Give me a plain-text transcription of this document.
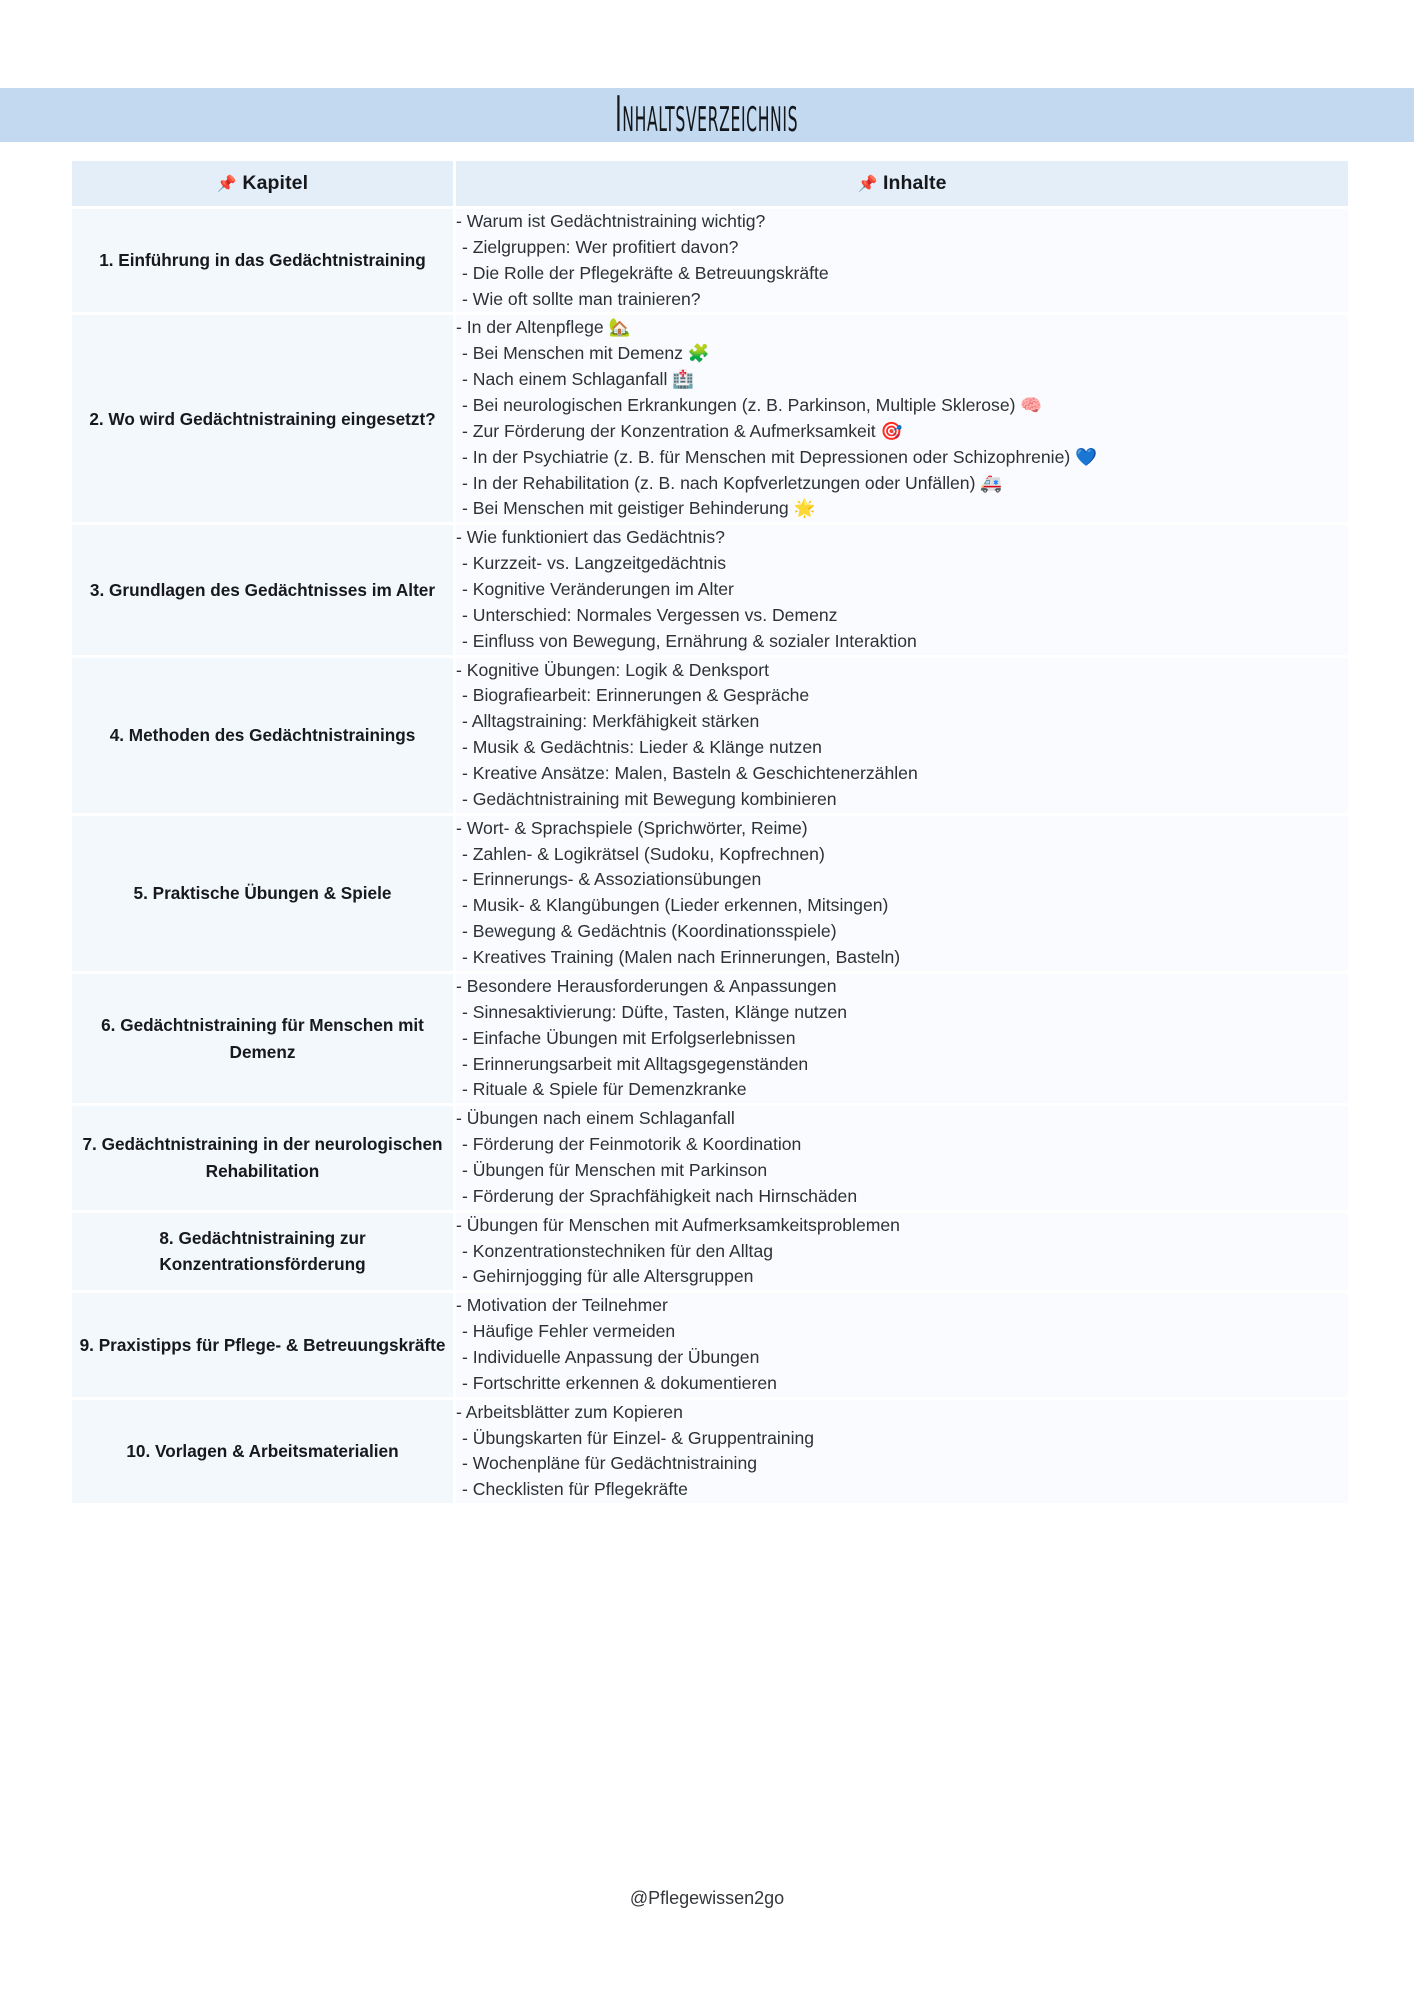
Inhaltsverzeichnis
📌 Kapitel	📌 Inhalte
1. Einführung in das Gedächtnistraining	- Warum ist Gedächtnistraining wichtig?
- Zielgruppen: Wer profitiert davon?
- Die Rolle der Pflegekräfte & Betreuungskräfte
- Wie oft sollte man trainieren?

2. Wo wird Gedächtnistraining eingesetzt?	
- In der Altenpflege 🏡
- Bei Menschen mit Demenz 🧩
- Nach einem Schlaganfall 🏥
- Bei neurologischen Erkrankungen (z. B. Parkinson, Multiple Sklerose) 🧠
- Zur Förderung der Konzentration & Aufmerksamkeit 🎯
- In der Psychiatrie (z. B. für Menschen mit Depressionen oder Schizophrenie) 💙
- In der Rehabilitation (z. B. nach Kopfverletzungen oder Unfällen) 🚑
- Bei Menschen mit geistiger Behinderung 🌟

3. Grundlagen des Gedächtnisses im Alter	- Wie funktioniert das Gedächtnis?
- Kurzzeit- vs. Langzeitgedächtnis
- Kognitive Veränderungen im Alter
- Unterschied: Normales Vergessen vs. Demenz
- Einfluss von Bewegung, Ernährung & sozialer Interaktion

4. Methoden des Gedächtnistrainings	
- Kognitive Übungen: Logik & Denksport
- Biografiearbeit: Erinnerungen & Gespräche
- Alltagstraining: Merkfähigkeit stärken
- Musik & Gedächtnis: Lieder & Klänge nutzen
- Kreative Ansätze: Malen, Basteln & Geschichtenerzählen
- Gedächtnistraining mit Bewegung kombinieren

5. Praktische Übungen & Spiele	
- Wort- & Sprachspiele (Sprichwörter, Reime)
- Zahlen- & Logikrätsel (Sudoku, Kopfrechnen)
- Erinnerungs- & Assoziationsübungen
- Musik- & Klangübungen (Lieder erkennen, Mitsingen)
- Bewegung & Gedächtnis (Koordinationsspiele)
- Kreatives Training (Malen nach Erinnerungen, Basteln)

6. Gedächtnistraining für Menschen mit Demenz	- Besondere Herausforderungen & Anpassungen
- Sinnesaktivierung: Düfte, Tasten, Klänge nutzen
- Einfache Übungen mit Erfolgserlebnissen
- Erinnerungsarbeit mit Alltagsgegenständen
- Rituale & Spiele für Demenzkranke

7. Gedächtnistraining in der neurologischen Rehabilitation	- Übungen nach einem Schlaganfall
- Förderung der Feinmotorik & Koordination
- Übungen für Menschen mit Parkinson
- Förderung der Sprachfähigkeit nach Hirnschäden

8. Gedächtnistraining zur Konzentrationsförderung	- Übungen für Menschen mit Aufmerksamkeitsproblemen
- Konzentrationstechniken für den Alltag
- Gehirnjogging für alle Altersgruppen

9. Praxistipps für Pflege- & Betreuungskräfte	- Motivation der Teilnehmer
- Häufige Fehler vermeiden
- Individuelle Anpassung der Übungen
- Fortschritte erkennen & dokumentieren

10. Vorlagen & Arbeitsmaterialien	- Arbeitsblätter zum Kopieren
- Übungskarten für Einzel- & Gruppentraining
- Wochenpläne für Gedächtnistraining
- Checklisten für Pflegekräfte
@Pflegewissen2go
